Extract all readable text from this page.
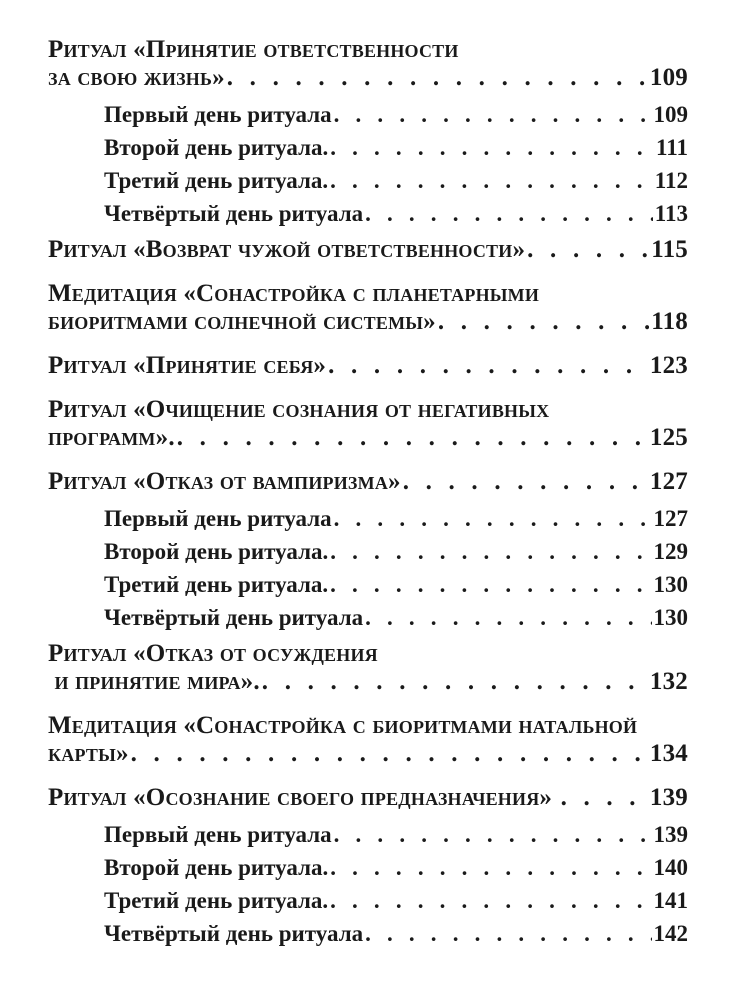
Ритуал «Принятие ответственности
за свою жизнь» . . .	109
Первый день ритуала . . .	109
Второй день ритуала. . . .	111
Третий день ритуала. . . .	112
Четвёртый день ритуала . . .	113
Ритуал «Возврат чужой ответственности» . . .	115
Медитация «Сонастройка с планетарными
биоритмами солнечной системы» . . .	118
Ритуал «Принятие себя» . . .	123
Ритуал «Очищение сознания от негативных
программ». . . .	125
Ритуал «Отказ от вампиризма» . . .	127
Первый день ритуала . . .	127
Второй день ритуала. . . .	129
Третий день ритуала. . . .	130
Четвёртый день ритуала . . .	130
Ритуал «Отказ от осуждения
и принятие мира». . . .	132
Медитация «Сонастройка с биоритмами натальной
карты» . . .	134
Ритуал «Осознание своего предназначения» . . .	139
Первый день ритуала . . .	139
Второй день ритуала. . . .	140
Третий день ритуала. . . .	141
Четвёртый день ритуала . . .	142
